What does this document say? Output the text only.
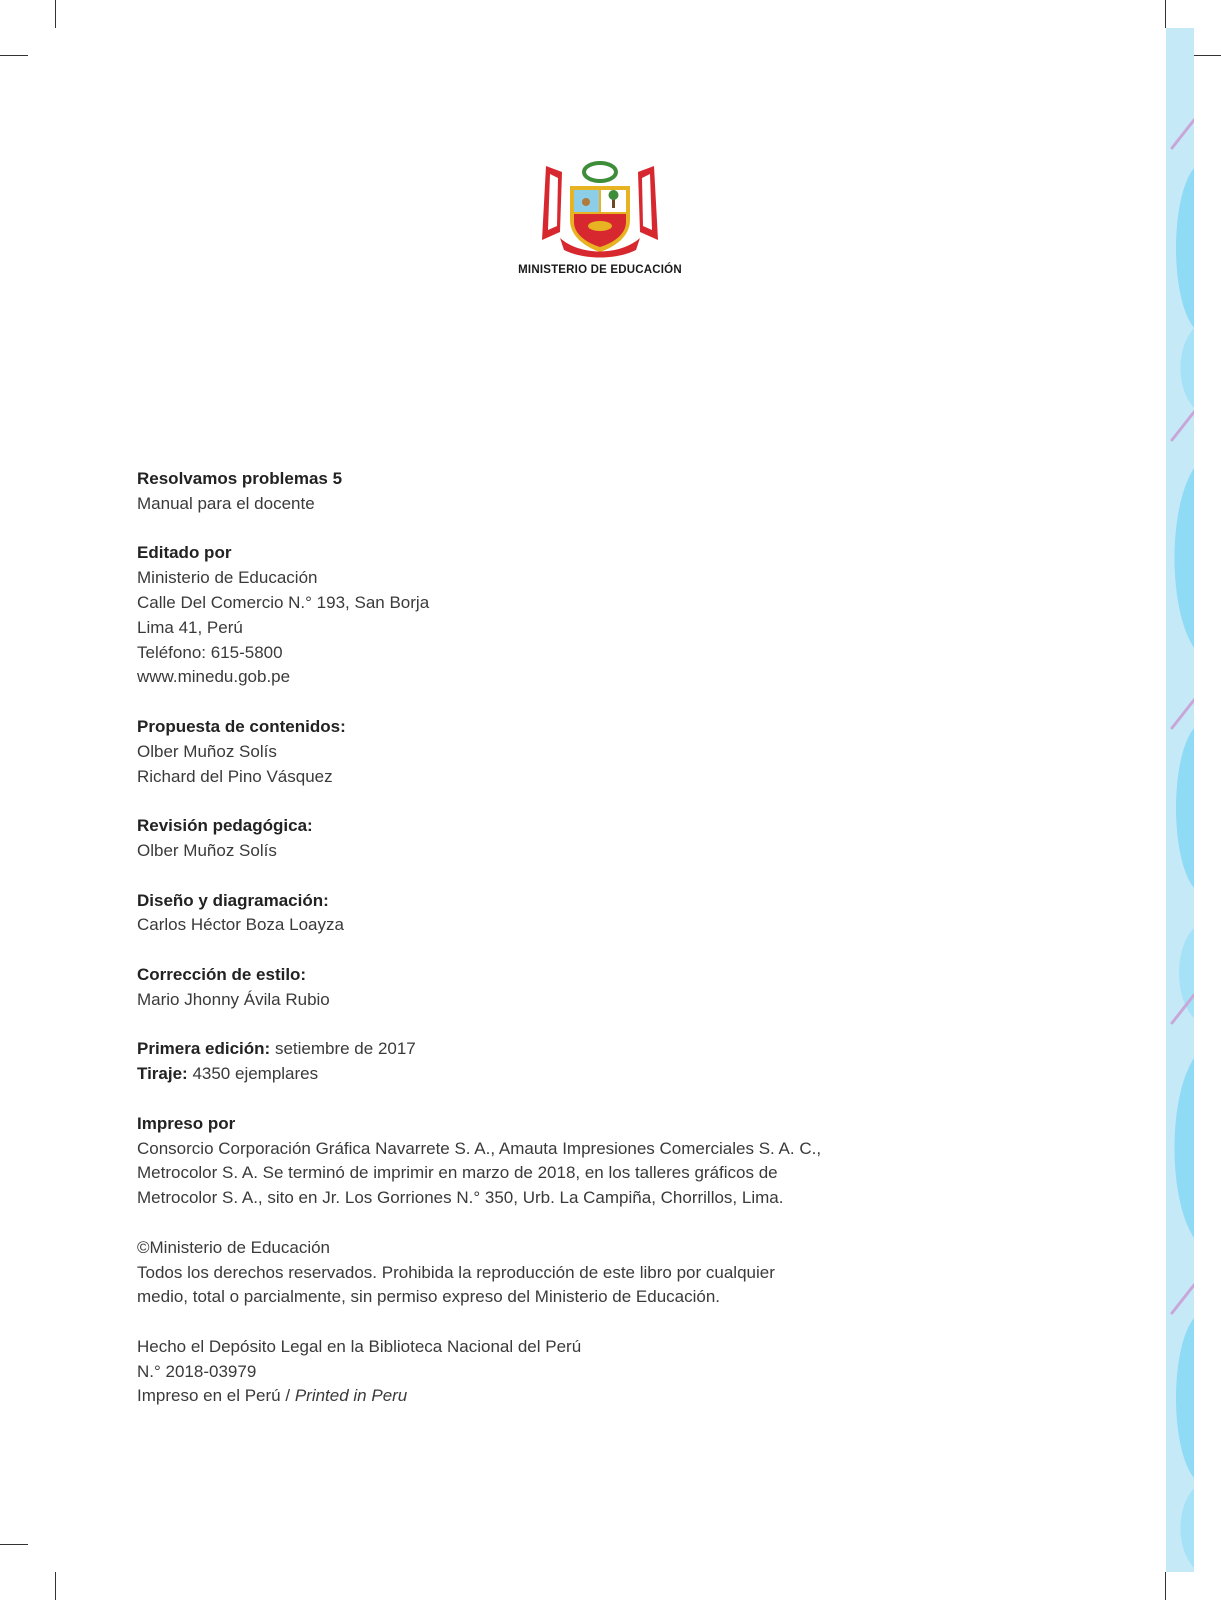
MINISTERIO DE EDUCACIÓN
Resolvamos problemas 5
Manual para el docente
Editado por
Ministerio de Educación
Calle Del Comercio N.° 193, San Borja
Lima 41, Perú
Teléfono: 615-5800
www.minedu.gob.pe
Propuesta de contenidos:
Olber Muñoz Solís
Richard del Pino Vásquez
Revisión pedagógica:
Olber Muñoz Solís
Diseño y diagramación:
Carlos Héctor Boza Loayza
Corrección de estilo:
Mario Jhonny Ávila Rubio
Primera edición: setiembre de 2017
Tiraje: 4350 ejemplares
Impreso por
Consorcio Corporación Gráfica Navarrete S. A., Amauta Impresiones Comerciales S. A. C.,
Metrocolor S. A. Se terminó de imprimir en marzo de 2018, en los talleres gráficos de
Metrocolor S. A., sito en Jr. Los Gorriones N.° 350, Urb. La Campiña, Chorrillos, Lima.
©Ministerio de Educación
Todos los derechos reservados. Prohibida la reproducción de este libro por cualquier
medio, total o parcialmente, sin permiso expreso del Ministerio de Educación.
Hecho el Depósito Legal en la Biblioteca Nacional del Perú
N.° 2018-03979
Impreso en el Perú / Printed in Peru
